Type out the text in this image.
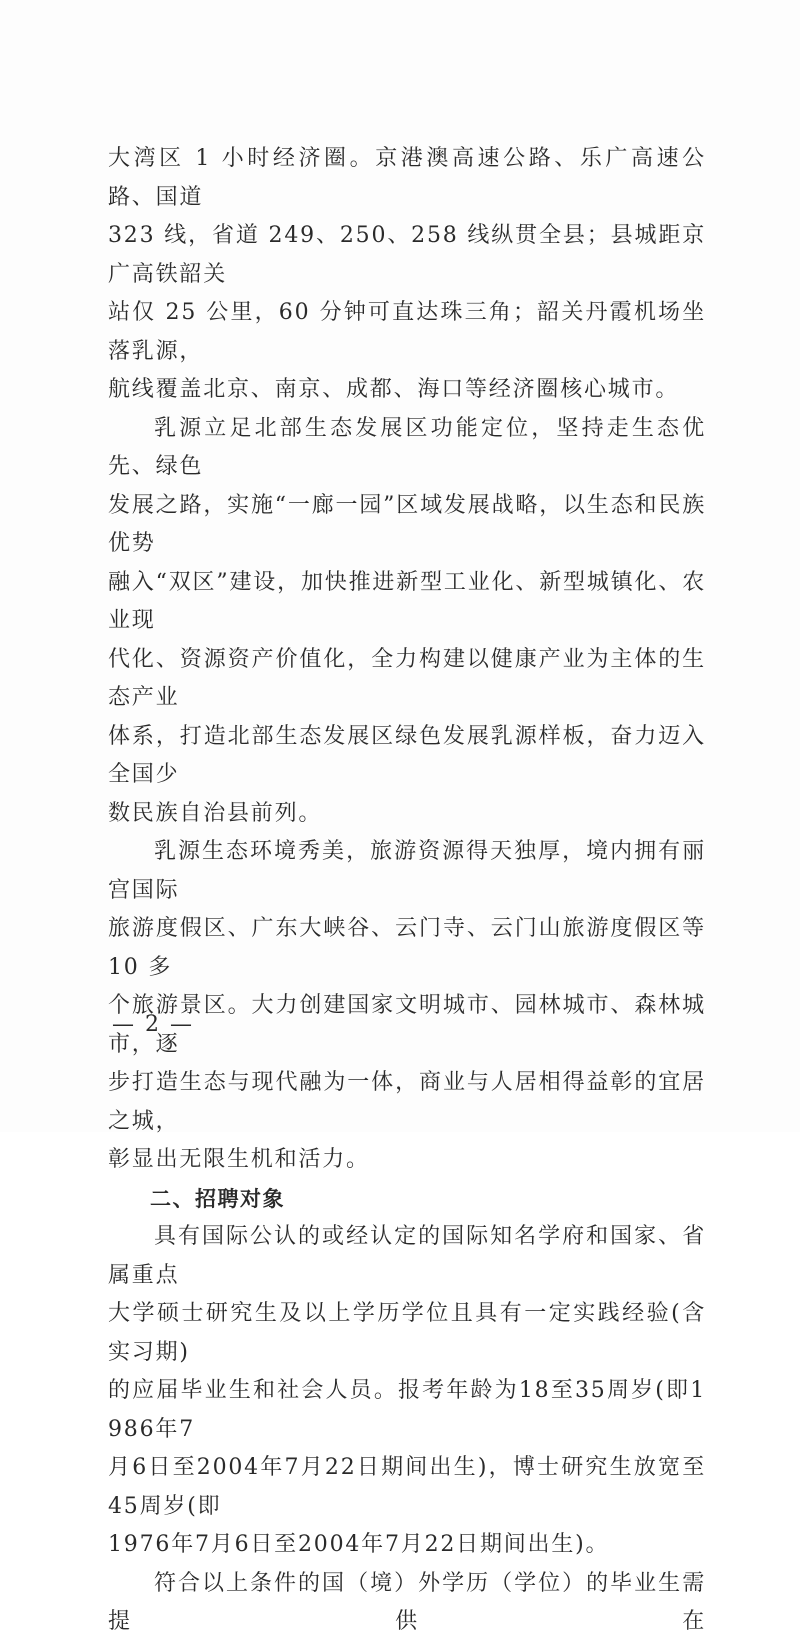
大湾区 1 小时经济圈。京港澳高速公路、乐广高速公路、国道
323 线，省道 249、250、258 线纵贯全县；县城距京广高铁韶关
站仅 25 公里，60 分钟可直达珠三角；韶关丹霞机场坐落乳源，
航线覆盖北京、南京、成都、海口等经济圈核心城市。

乳源立足北部生态发展区功能定位，坚持走生态优先、绿色
发展之路，实施“一廊一园”区域发展战略，以生态和民族优势
融入“双区”建设，加快推进新型工业化、新型城镇化、农业现
代化、资源资产价值化，全力构建以健康产业为主体的生态产业
体系，打造北部生态发展区绿色发展乳源样板，奋力迈入全国少
数民族自治县前列。

乳源生态环境秀美，旅游资源得天独厚，境内拥有丽宫国际
旅游度假区、广东大峡谷、云门寺、云门山旅游度假区等 10 多
个旅游景区。大力创建国家文明城市、园林城市、森林城市，逐
步打造生态与现代融为一体，商业与人居相得益彰的宜居之城，
彰显出无限生机和活力。

二、招聘对象

具有国际公认的或经认定的国际知名学府和国家、省属重点
大学硕士研究生及以上学历学位且具有一定实践经验(含实习期)
的应届毕业生和社会人员。报考年龄为18至35周岁(即1986年7
月6日至2004年7月22日期间出生)，博士研究生放宽至45周岁(即
1976年7月6日至2004年7月22日期间出生)。

符合以上条件的国（境）外学历（学位）的毕业生需提供在

— 2 —
